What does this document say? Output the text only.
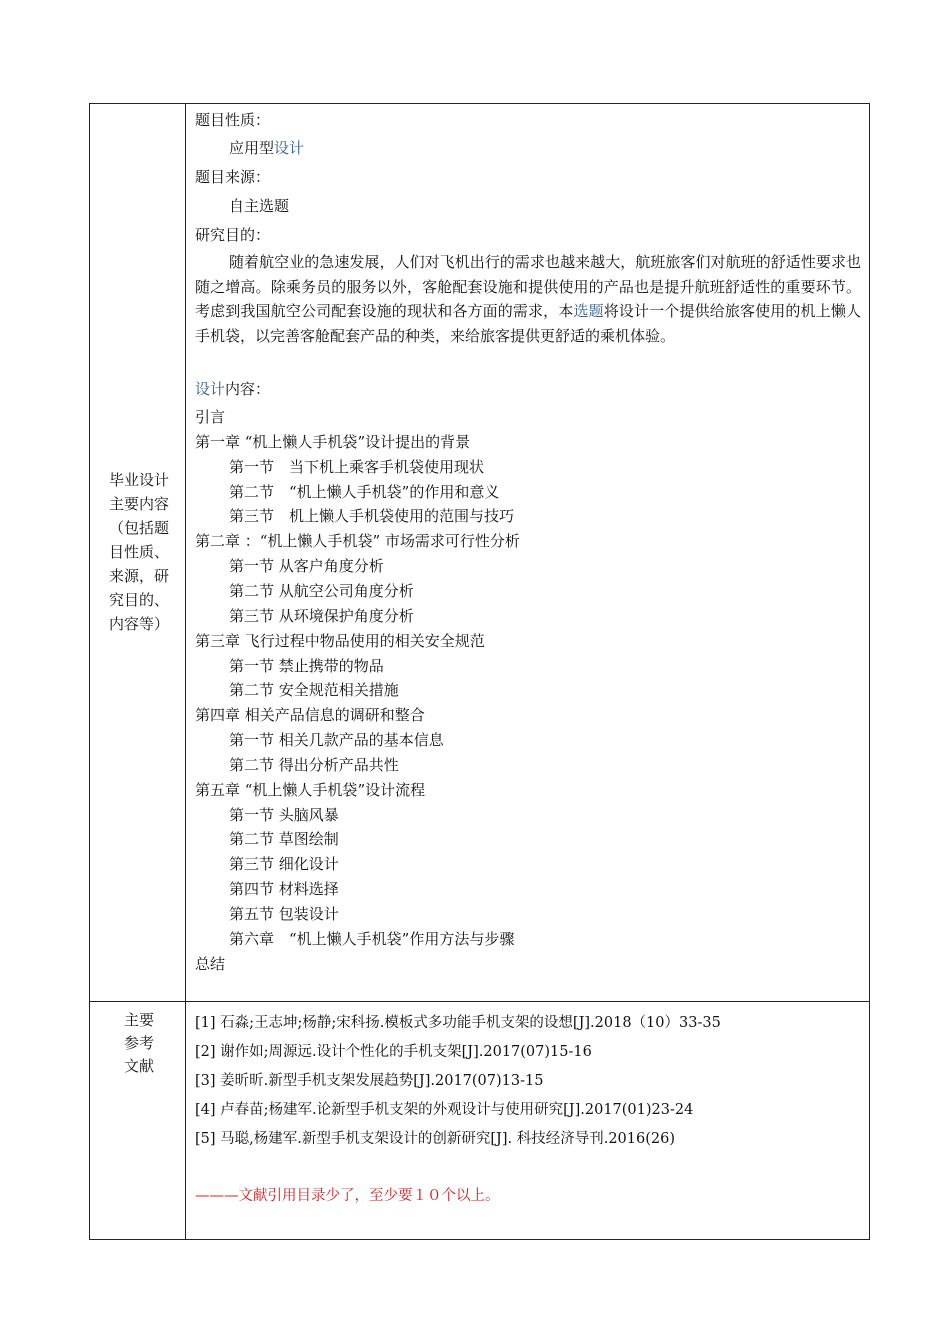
毕业设计
主要内容
（包括题
目性质、
来源，研
究目的、
内容等）
主要
参考
文献
题目性质：
应用型设计
题目来源：
自主选题
研究目的：
随着航空业的急速发展，人们对飞机出行的需求也越来越大，航班旅客们对航班的舒适性要求也随之增高。除乘务员的服务以外，客舱配套设施和提供使用的产品也是提升航班舒适性的重要环节。考虑到我国航空公司配套设施的现状和各方面的需求，本选题将设计一个提供给旅客使用的机上懒人手机袋，以完善客舱配套产品的种类，来给旅客提供更舒适的乘机体验。
设计内容：
引言
第一章 “机上懒人手机袋”设计提出的背景
第一节　当下机上乘客手机袋使用现状
第二节　“机上懒人手机袋”的作用和意义
第三节　机上懒人手机袋使用的范围与技巧
第二章 ：“机上懒人手机袋” 市场需求可行性分析
第一节 从客户角度分析
第二节 从航空公司角度分析
第三节 从环境保护角度分析
第三章 飞行过程中物品使用的相关安全规范
第一节 禁止携带的物品
第二节 安全规范相关措施
第四章 相关产品信息的调研和整合
第一节 相关几款产品的基本信息
第二节 得出分析产品共性
第五章 “机上懒人手机袋”设计流程
第一节 头脑风暴
第二节 草图绘制
第三节 细化设计
第四节 材料选择
第五节 包装设计
第六章　“机上懒人手机袋”作用方法与步骤
总结
[1] 石淼;王志坤;杨静;宋科扬.模板式多功能手机支架的设想[J].2018（10）33-35
[2] 谢作如;周源远.设计个性化的手机支架[J].2017(07)15-16
[3] 姜昕昕.新型手机支架发展趋势[J].2017(07)13-15
[4] 卢春苗;杨建军.论新型手机支架的外观设计与使用研究[J].2017(01)23-24
[5] 马聪,杨建军.新型手机支架设计的创新研究[J]. 科技经济导刊.2016(26)
———文献引用目录少了，至少要１０个以上。
